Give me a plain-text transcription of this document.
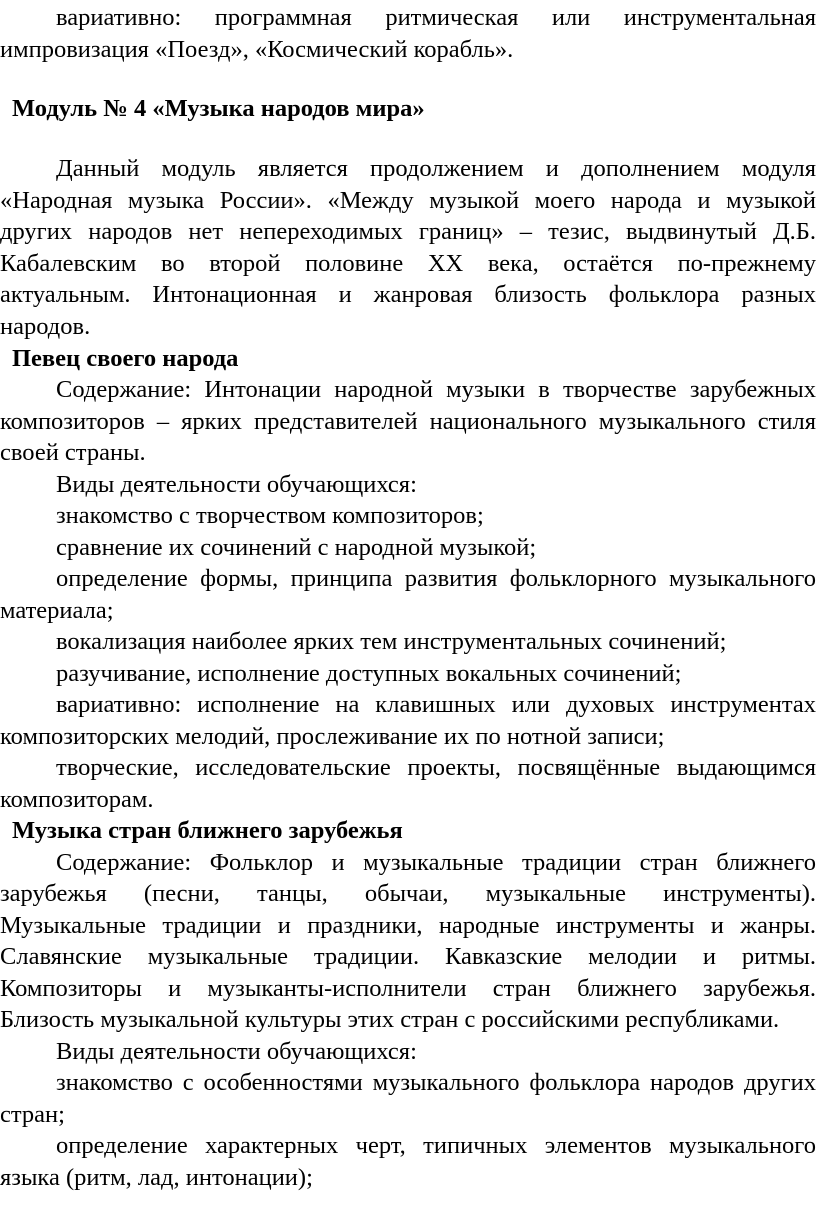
вариативно: программная ритмическая или инструментальная
импровизация «Поезд», «Космический корабль».
Модуль № 4 «Музыка народов мира»
Данный модуль является продолжением и дополнением модуля
«Народная музыка России». «Между музыкой моего народа и музыкой
других народов нет непереходимых границ» – тезис, выдвинутый Д.Б.
Кабалевским во второй половине XX века, остаётся по-прежнему
актуальным. Интонационная и жанровая близость фольклора разных
народов.
Певец своего народа
Содержание: Интонации народной музыки в творчестве зарубежных
композиторов – ярких представителей национального музыкального стиля
своей страны.
Виды деятельности обучающихся:
знакомство с творчеством композиторов;
сравнение их сочинений с народной музыкой;
определение формы, принципа развития фольклорного музыкального
материала;
вокализация наиболее ярких тем инструментальных сочинений;
разучивание, исполнение доступных вокальных сочинений;
вариативно: исполнение на клавишных или духовых инструментах
композиторских мелодий, прослеживание их по нотной записи;
творческие, исследовательские проекты, посвящённые выдающимся
композиторам.
Музыка стран ближнего зарубежья
Содержание: Фольклор и музыкальные традиции стран ближнего
зарубежья (песни, танцы, обычаи, музыкальные инструменты).
Музыкальные традиции и праздники, народные инструменты и жанры.
Славянские музыкальные традиции. Кавказские мелодии и ритмы.
Композиторы и музыканты-исполнители стран ближнего зарубежья.
Близость музыкальной культуры этих стран с российскими республиками.
Виды деятельности обучающихся:
знакомство с особенностями музыкального фольклора народов других
стран;
определение характерных черт, типичных элементов музыкального
языка (ритм, лад, интонации);
